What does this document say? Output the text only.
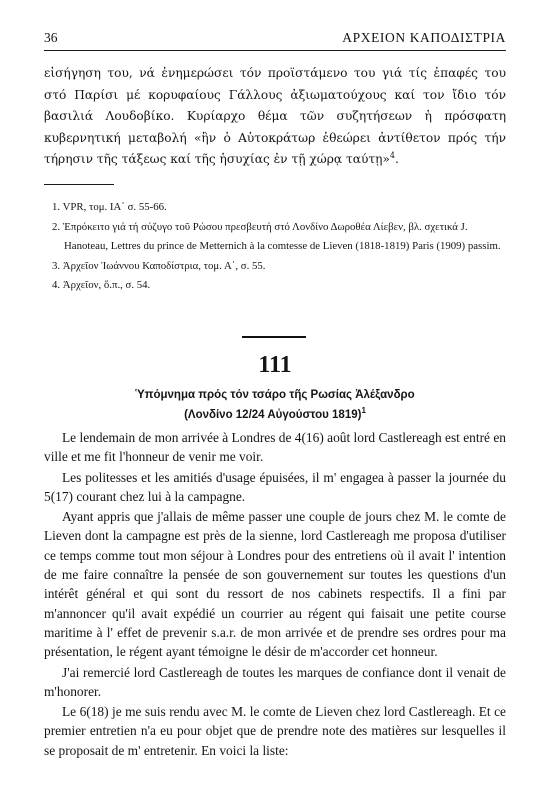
36	ΑΡΧΕΙΟΝ ΚΑΠΟΔΙΣΤΡΙΑ

εἰσήγηση του, νά ἐνημερώσει τόν προϊστάμενο του γιά τίς ἐπαφές του στό Παρίσι μέ κορυφαίους Γάλλους ἀξιωματούχους καί τον ἴδιο τόν βασιλιά Λουδοβίκο. Κυρίαρχο θέμα τῶν συζητήσεων ἡ πρόσφατη κυβερνητική μεταβολή «ἣν ὁ Αὐτοκράτωρ ἐθεώρει ἀντίθετον πρός τήν τήρησιν τῆς τάξεως καί τῆς ἡσυχίας ἐν τῇ χώρᾳ ταύτῃ»$^4$.

1. VPR, τομ. ΙΑ΄ σ. 55-66.
2. Ἐπρόκειτο γιά τή σύζυγο τοῦ Ρώσου πρεσβευτή στό Λονδίνο Δωροθέα Λίεβεν, βλ. σχετικά J. Hanoteau, Lettres du prince de Metternich à la comtesse de Lieven (1818-1819) Paris (1909) passim.
3. Ἀρχεῖον Ἰωάννου Καποδίστρια, τομ. Α΄, σ. 55.
4. Ἀρχεῖον, ὅ.π., σ. 54.
111
Ὑπόμνημα πρός τόν τσάρο τῆς Ρωσίας Ἀλέξανδρο
(Λονδίνο 12/24 Αὐγούστου 1819)$^1$

Le lendemain de mon arrivée à Londres de 4(16) août lord Castlereagh est entré en ville et me fit l'honneur de venir me voir.

Les politesses et les amitiés d'usage épuisées, il m' engagea à passer la journée du 5(17) courant chez lui à la campagne.

Ayant appris que j'allais de même passer une couple de jours chez M. le comte de Lieven dont la campagne est près de la sienne, lord Castlereagh me proposa d'utiliser ce temps comme tout mon séjour à Londres pour des entretiens où il avait l' intention de me faire connaître la pensée de son gouvernement sur toutes les questions d'un intérêt général et qui sont du ressort de nos cabinets respectifs. Il a fini par m'annoncer qu'il avait expédié un courrier au régent qui faisait une petite course maritime à l' effet de prevenir s.a.r. de mon arrivée et de prendre ses ordres pour ma présentation, le régent ayant témoigne le désir de m'accorder cet honneur.

J'ai remercié lord Castlereagh de toutes les marques de confiance dont il venait de m'honorer.

Le 6(18) je me suis rendu avec M. le comte de Lieven chez lord Castlereagh. Et ce premier entretien n'a eu pour objet que de prendre note des matières sur lesquelles il se proposait de m' entretenir. En voici la liste:
